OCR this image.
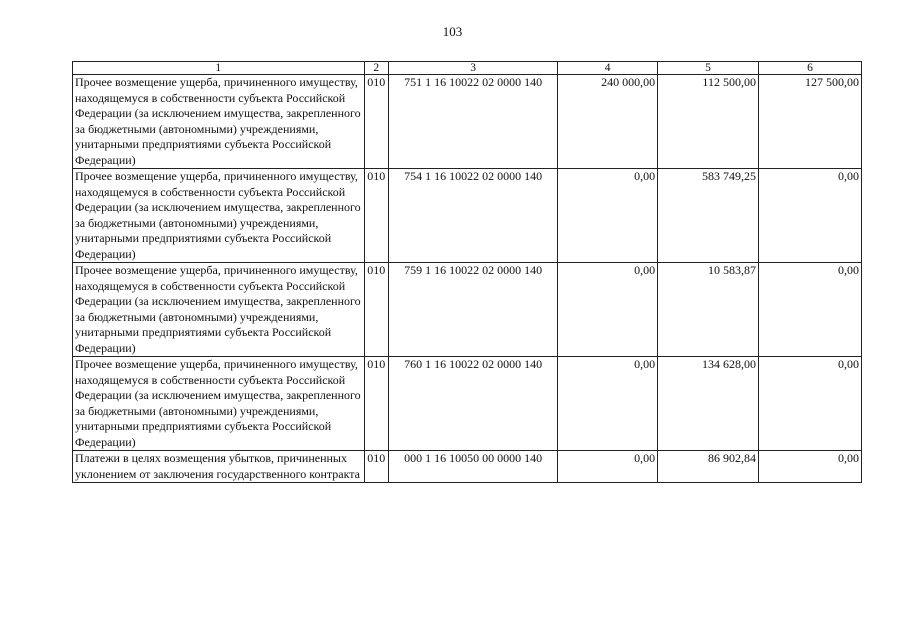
103
1	2	3	4	5	6
Прочее возмещение ущерба, причиненного имуществу, находящемуся в собственности субъекта Российской Федерации (за исключением имущества, закрепленного за бюджетными (автономными) учреждениями, унитарными предприятиями субъекта Российской Федерации)	010	751 1 16 10022 02 0000 140	240 000,00	112 500,00	127 500,00
Прочее возмещение ущерба, причиненного имуществу, находящемуся в собственности субъекта Российской Федерации (за исключением имущества, закрепленного за бюджетными (автономными) учреждениями, унитарными предприятиями субъекта Российской Федерации)	010	754 1 16 10022 02 0000 140	0,00	583 749,25	0,00
Прочее возмещение ущерба, причиненного имуществу, находящемуся в собственности субъекта Российской Федерации (за исключением имущества, закрепленного за бюджетными (автономными) учреждениями, унитарными предприятиями субъекта Российской Федерации)	010	759 1 16 10022 02 0000 140	0,00	10 583,87	0,00
Прочее возмещение ущерба, причиненного имуществу, находящемуся в собственности субъекта Российской Федерации (за исключением имущества, закрепленного за бюджетными (автономными) учреждениями, унитарными предприятиями субъекта Российской Федерации)	010	760 1 16 10022 02 0000 140	0,00	134 628,00	0,00
Платежи в целях возмещения убытков, причиненных уклонением от заключения государственного контракта	010	000 1 16 10050 00 0000 140	0,00	86 902,84	0,00
